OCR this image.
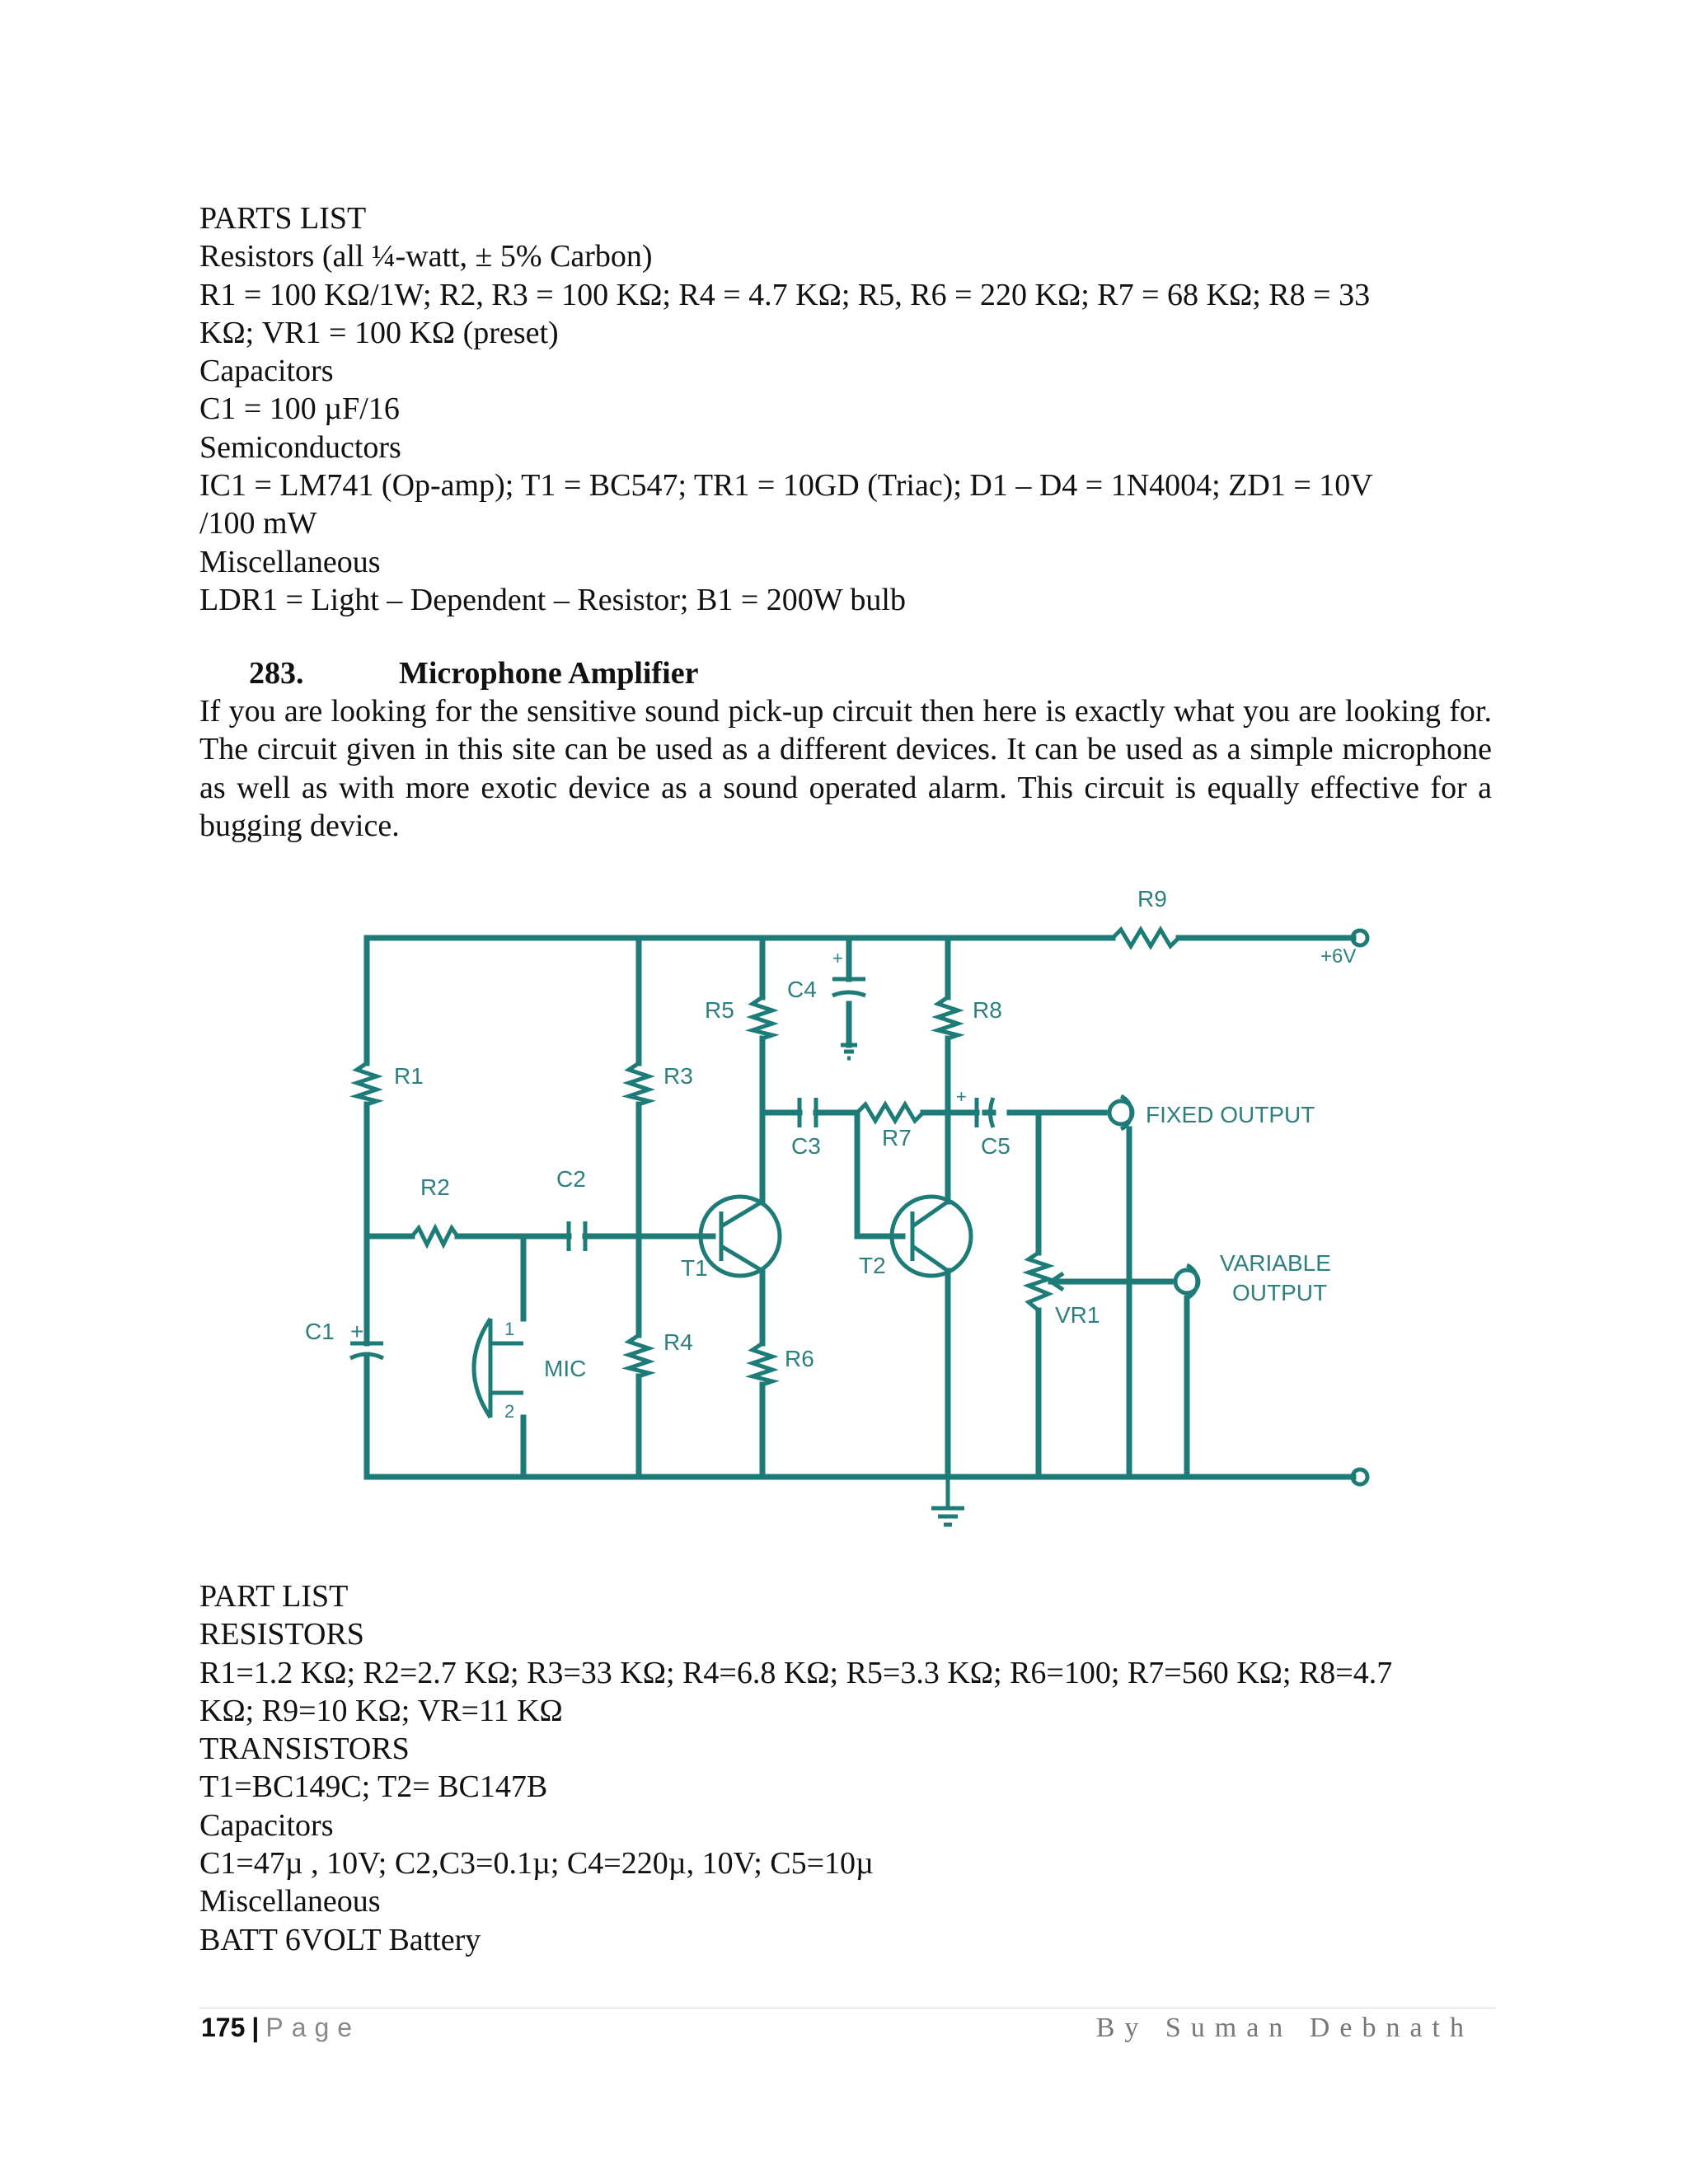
PARTS LIST
Resistors (all ¼-watt, ± 5% Carbon)
R1 = 100 KΩ/1W; R2, R3 = 100 KΩ; R4 = 4.7 KΩ; R5, R6 = 220 KΩ; R7 = 68 KΩ; R8 = 33
KΩ; VR1 = 100 KΩ (preset)
Capacitors
C1 = 100 µF/16
Semiconductors
IC1 = LM741 (Op-amp); T1 = BC547; TR1 = 10GD (Triac); D1 – D4 = 1N4004; ZD1 = 10V
/100 mW
Miscellaneous
LDR1 = Light – Dependent – Resistor; B1 = 200W bulb
283.	Microphone Amplifier
If you are looking for the sensitive sound pick-up circuit then here is exactly what you are looking for. The circuit given in this site can be used as a different devices. It can be used as a simple microphone as well as with more exotic device as a sound operated alarm. This circuit is equally effective for a bugging device.
R9
+6V
R1
C1 +
R2	C2
1
2
MIC
R3
R4
T1
R5
R6
C4
+
C3	R7	C5
+
T2
R8
FIXED OUTPUT
VR1
VARIABLE
OUTPUT
PART LIST
RESISTORS
R1=1.2 KΩ; R2=2.7 KΩ; R3=33 KΩ; R4=6.8 KΩ; R5=3.3 KΩ; R6=100; R7=560 KΩ; R8=4.7
KΩ; R9=10 KΩ; VR=11 KΩ
TRANSISTORS
T1=BC149C; T2= BC147B
Capacitors
C1=47µ , 10V; C2,C3=0.1µ; C4=220µ, 10V; C5=10µ
Miscellaneous
BATT 6VOLT Battery
175 | Page	By Suman Debnath
